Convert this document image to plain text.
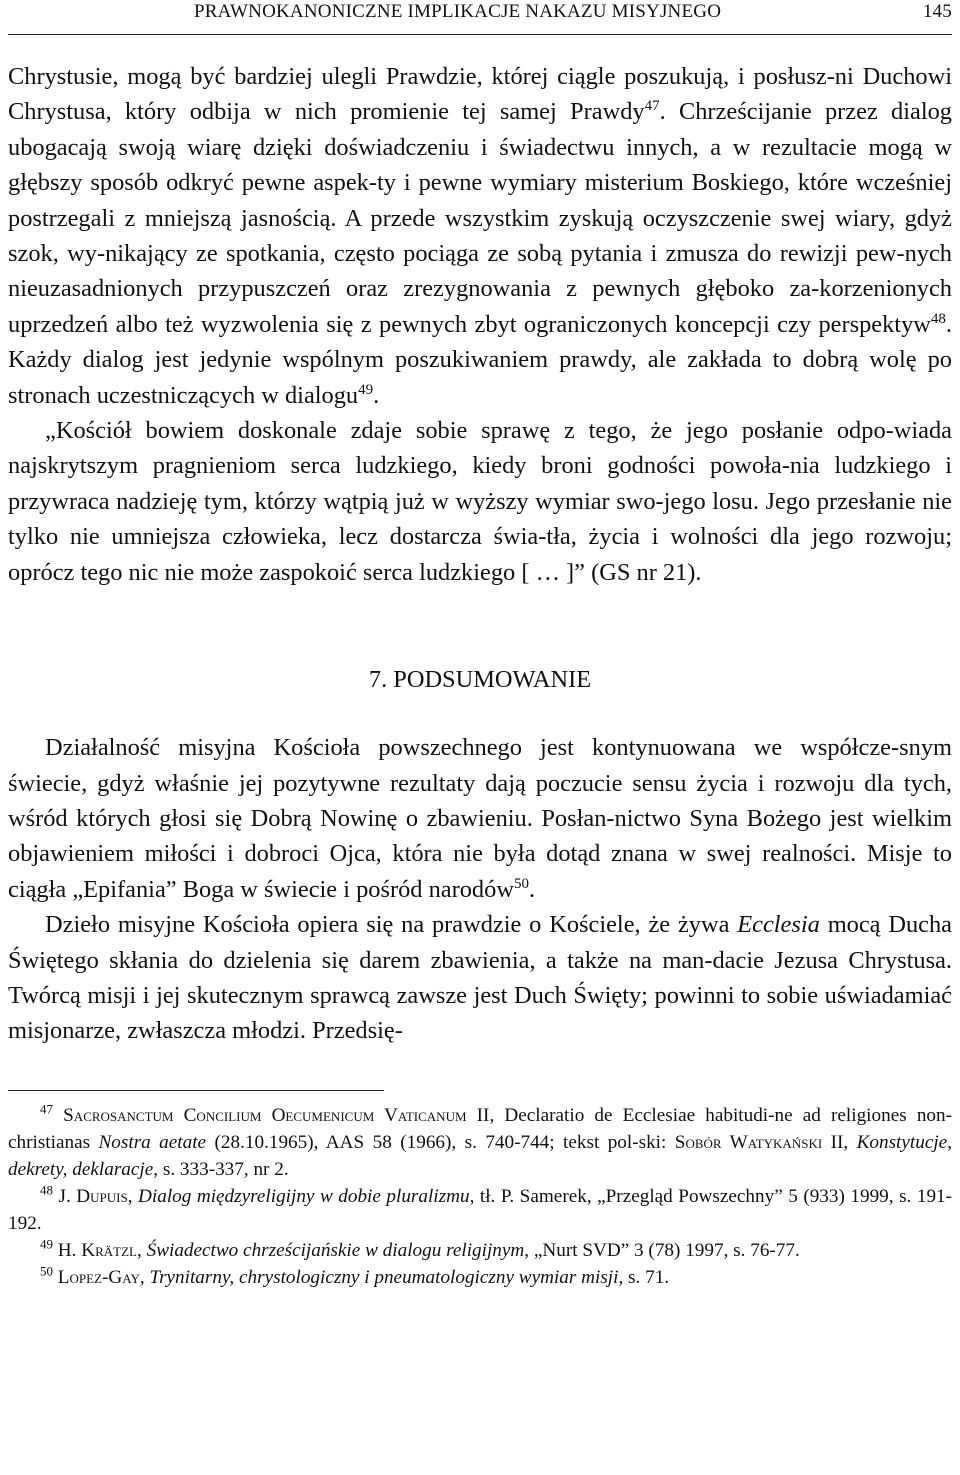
PRAWNOKANONICZNE IMPLIKACJE NAKAZU MISYJNEGO	145

Chrystusie, mogą być bardziej ulegli Prawdzie, której ciągle poszukują, i posłusz-ni Duchowi Chrystusa, który odbija w nich promienie tej samej Prawdy$^{47}$. Chrześcijanie przez dialog ubogacają swoją wiarę dzięki doświadczeniu i świadectwu innych, a w rezultacie mogą w głębszy sposób odkryć pewne aspek-ty i pewne wymiary misterium Boskiego, które wcześniej postrzegali z mniejszą jasnością. A przede wszystkim zyskują oczyszczenie swej wiary, gdyż szok, wy-nikający ze spotkania, często pociąga ze sobą pytania i zmusza do rewizji pew-nych nieuzasadnionych przypuszczeń oraz zrezygnowania z pewnych głęboko za-korzenionych uprzedzeń albo też wyzwolenia się z pewnych zbyt ograniczonych koncepcji czy perspektyw$^{48}$. Każdy dialog jest jedynie wspólnym poszukiwaniem prawdy, ale zakłada to dobrą wolę po stronach uczestniczących w dialogu$^{49}$.

„Kościół bowiem doskonale zdaje sobie sprawę z tego, że jego posłanie odpo-wiada najskrytszym pragnieniom serca ludzkiego, kiedy broni godności powoła-nia ludzkiego i przywraca nadzieję tym, którzy wątpią już w wyższy wymiar swo-jego losu. Jego przesłanie nie tylko nie umniejsza człowieka, lecz dostarcza świa-tła, życia i wolności dla jego rozwoju; oprócz tego nic nie może zaspokoić serca ludzkiego [ … ]” (GS nr 21).

7. PODSUMOWANIE

Działalność misyjna Kościoła powszechnego jest kontynuowana we współcze-snym świecie, gdyż właśnie jej pozytywne rezultaty dają poczucie sensu życia i rozwoju dla tych, wśród których głosi się Dobrą Nowinę o zbawieniu. Posłan-nictwo Syna Bożego jest wielkim objawieniem miłości i dobroci Ojca, która nie była dotąd znana w swej realności. Misje to ciągła „Epifania” Boga w świecie i pośród narodów$^{50}$.

Dzieło misyjne Kościoła opiera się na prawdzie o Kościele, że żywa Ecclesia mocą Ducha Świętego skłania do dzielenia się darem zbawienia, a także na man-dacie Jezusa Chrystusa. Twórcą misji i jej skutecznym sprawcą zawsze jest Duch Święty; powinni to sobie uświadamiać misjonarze, zwłaszcza młodzi. Przedsię-

$^{47}$ Sacrosanctum Concilium Oecumenicum Vaticanum II, Declaratio de Ecclesiae habitudi-ne ad religiones non-christianas Nostra aetate (28.10.1965), AAS 58 (1966), s. 740-744; tekst pol-ski: Sobór Watykański II, Konstytucje, dekrety, deklaracje, s. 333-337, nr 2.

$^{48}$ J. Dupuis, Dialog międzyreligijny w dobie pluralizmu, tł. P. Samerek, „Przegląd Powszechny” 5 (933) 1999, s. 191-192.

$^{49}$ H. Krätzl, Świadectwo chrześcijańskie w dialogu religijnym, „Nurt SVD” 3 (78) 1997, s. 76-77.

$^{50}$ Lopez-Gay, Trynitarny, chrystologiczny i pneumatologiczny wymiar misji, s. 71.
